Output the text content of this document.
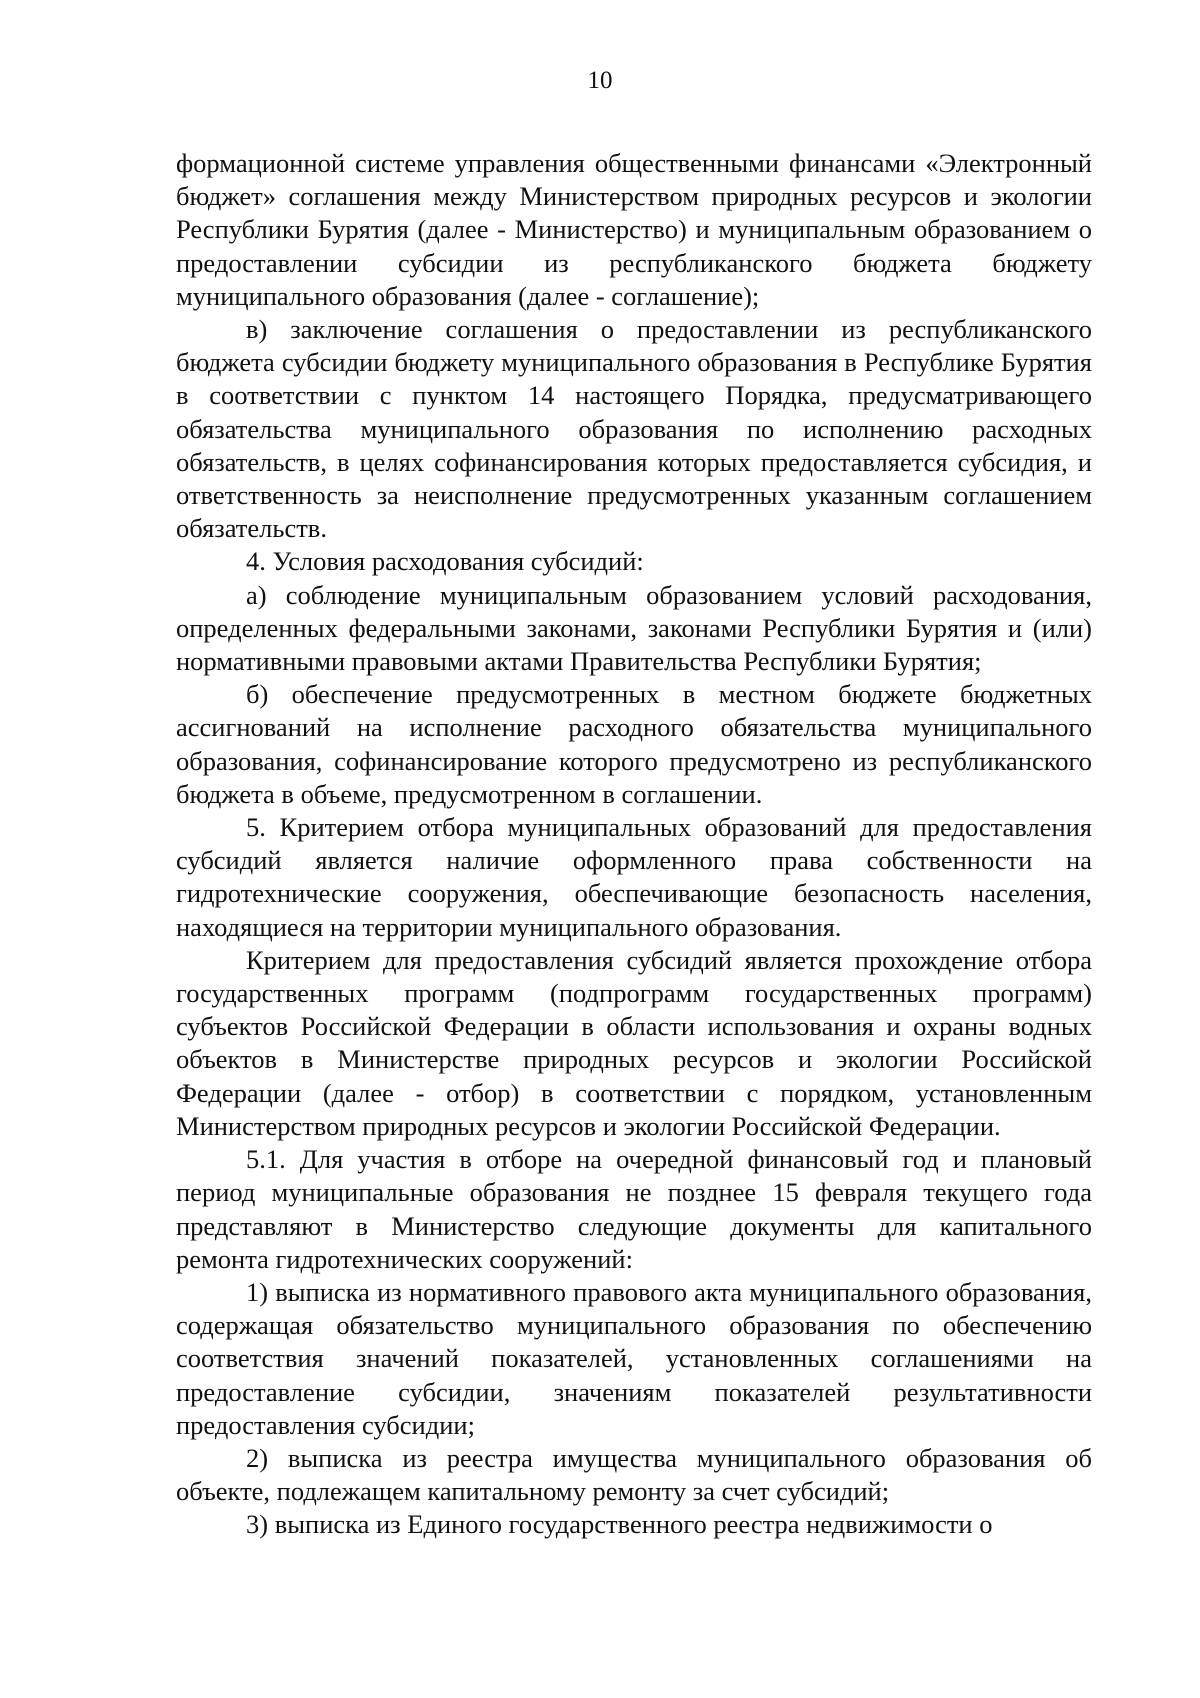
10

формационной системе управления общественными финансами «Электронный бюджет» соглашения между Министерством природных ресурсов и экологии Республики Бурятия (далее - Министерство) и муниципальным образованием о предоставлении субсидии из республиканского бюджета бюджету муниципального образования (далее - соглашение);

в) заключение соглашения о предоставлении из республиканского бюджета субсидии бюджету муниципального образования в Республике Бурятия в соответствии с пунктом 14 настоящего Порядка, предусматривающего обязательства муниципального образования по исполнению расходных обязательств, в целях софинансирования которых предоставляется субсидия, и ответственность за неисполнение предусмотренных указанным соглашением обязательств.

4. Условия расходования субсидий:

а) соблюдение муниципальным образованием условий расходования, определенных федеральными законами, законами Республики Бурятия и (или) нормативными правовыми актами Правительства Республики Бурятия;

б) обеспечение предусмотренных в местном бюджете бюджетных ассигнований на исполнение расходного обязательства муниципального образования, софинансирование которого предусмотрено из республиканского бюджета в объеме, предусмотренном в соглашении.

5. Критерием отбора муниципальных образований для предоставления субсидий является наличие оформленного права собственности на гидротехнические сооружения, обеспечивающие безопасность населения, находящиеся на территории муниципального образования.

Критерием для предоставления субсидий является прохождение отбора государственных программ (подпрограмм государственных программ) субъектов Российской Федерации в области использования и охраны водных объектов в Министерстве природных ресурсов и экологии Российской Федерации (далее - отбор) в соответствии с порядком, установленным Министерством природных ресурсов и экологии Российской Федерации.

5.1. Для участия в отборе на очередной финансовый год и плановый период муниципальные образования не позднее 15 февраля текущего года представляют в Министерство следующие документы для капитального ремонта гидротехнических сооружений:

1) выписка из нормативного правового акта муниципального образования, содержащая обязательство муниципального образования по обеспечению соответствия значений показателей, установленных соглашениями на предоставление субсидии, значениям показателей результативности предоставления субсидии;

2) выписка из реестра имущества муниципального образования об объекте, подлежащем капитальному ремонту за счет субсидий;

3) выписка из Единого государственного реестра недвижимости о
